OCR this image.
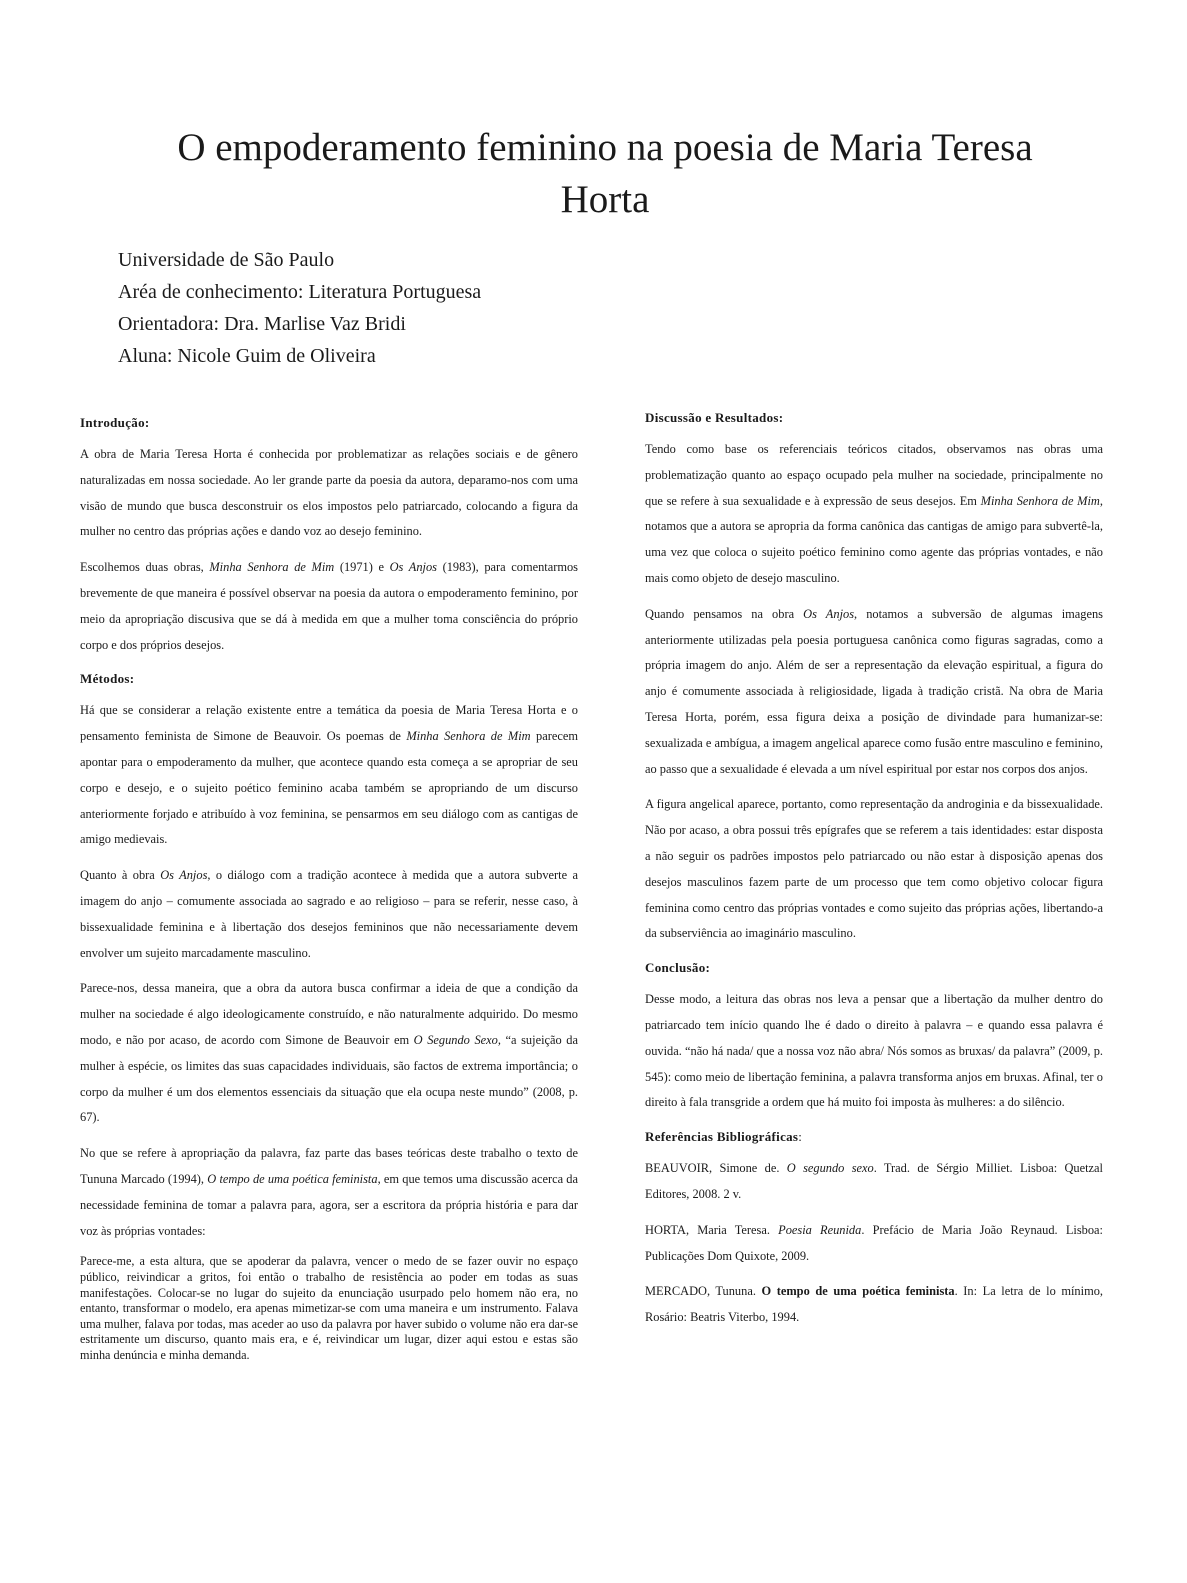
O empoderamento feminino na poesia de Maria Teresa Horta
Universidade de São Paulo
Aréa de conhecimento: Literatura Portuguesa
Orientadora: Dra. Marlise Vaz Bridi
Aluna: Nicole Guim de Oliveira
Introdução:

A obra de Maria Teresa Horta é conhecida por problematizar as relações sociais e de gênero naturalizadas em nossa sociedade. Ao ler grande parte da poesia da autora, deparamo-nos com uma visão de mundo que busca desconstruir os elos impostos pelo patriarcado, colocando a figura da mulher no centro das próprias ações e dando voz ao desejo feminino.

Escolhemos duas obras, Minha Senhora de Mim (1971) e Os Anjos (1983), para comentarmos brevemente de que maneira é possível observar na poesia da autora o empoderamento feminino, por meio da apropriação discusiva que se dá à medida em que a mulher toma consciência do próprio corpo e dos próprios desejos.

Métodos:

Há que se considerar a relação existente entre a temática da poesia de Maria Teresa Horta e o pensamento feminista de Simone de Beauvoir. Os poemas de Minha Senhora de Mim parecem apontar para o empoderamento da mulher, que acontece quando esta começa a se apropriar de seu corpo e desejo, e o sujeito poético feminino acaba também se apropriando de um discurso anteriormente forjado e atribuído à voz feminina, se pensarmos em seu diálogo com as cantigas de amigo medievais.

Quanto à obra Os Anjos, o diálogo com a tradição acontece à medida que a autora subverte a imagem do anjo – comumente associada ao sagrado e ao religioso – para se referir, nesse caso, à bissexualidade feminina e à libertação dos desejos femininos que não necessariamente devem envolver um sujeito marcadamente masculino.

Parece-nos, dessa maneira, que a obra da autora busca confirmar a ideia de que a condição da mulher na sociedade é algo ideologicamente construído, e não naturalmente adquirido. Do mesmo modo, e não por acaso, de acordo com Simone de Beauvoir em O Segundo Sexo, “a sujeição da mulher à espécie, os limites das suas capacidades individuais, são factos de extrema importância; o corpo da mulher é um dos elementos essenciais da situação que ela ocupa neste mundo” (2008, p. 67).

No que se refere à apropriação da palavra, faz parte das bases teóricas deste trabalho o texto de Tununa Marcado (1994), O tempo de uma poética feminista, em que temos uma discussão acerca da necessidade feminina de tomar a palavra para, agora, ser a escritora da própria história e para dar voz às próprias vontades:

Parece-me, a esta altura, que se apoderar da palavra, vencer o medo de se fazer ouvir no espaço público, reivindicar a gritos, foi então o trabalho de resistência ao poder em todas as suas manifestações. Colocar-se no lugar do sujeito da enunciação usurpado pelo homem não era, no entanto, transformar o modelo, era apenas mimetizar-se com uma maneira e um instrumento. Falava uma mulher, falava por todas, mas aceder ao uso da palavra por haver subido o volume não era dar-se estritamente um discurso, quanto mais era, e é, reivindicar um lugar, dizer aqui estou e estas são minha denúncia e minha demanda.

Discussão e Resultados:

Tendo como base os referenciais teóricos citados, observamos nas obras uma problematização quanto ao espaço ocupado pela mulher na sociedade, principalmente no que se refere à sua sexualidade e à expressão de seus desejos. Em Minha Senhora de Mim, notamos que a autora se apropria da forma canônica das cantigas de amigo para subvertê-la, uma vez que coloca o sujeito poético feminino como agente das próprias vontades, e não mais como objeto de desejo masculino.

Quando pensamos na obra Os Anjos, notamos a subversão de algumas imagens anteriormente utilizadas pela poesia portuguesa canônica como figuras sagradas, como a própria imagem do anjo. Além de ser a representação da elevação espiritual, a figura do anjo é comumente associada à religiosidade, ligada à tradição cristã. Na obra de Maria Teresa Horta, porém, essa figura deixa a posição de divindade para humanizar-se: sexualizada e ambígua, a imagem angelical aparece como fusão entre masculino e feminino, ao passo que a sexualidade é elevada a um nível espiritual por estar nos corpos dos anjos.

A figura angelical aparece, portanto, como representação da androginia e da bissexualidade. Não por acaso, a obra possui três epígrafes que se referem a tais identidades: estar disposta a não seguir os padrões impostos pelo patriarcado ou não estar à disposição apenas dos desejos masculinos fazem parte de um processo que tem como objetivo colocar figura feminina como centro das próprias vontades e como sujeito das próprias ações, libertando-a da subserviência ao imaginário masculino.

Conclusão:

Desse modo, a leitura das obras nos leva a pensar que a libertação da mulher dentro do patriarcado tem início quando lhe é dado o direito à palavra – e quando essa palavra é ouvida. “não há nada/ que a nossa voz não abra/ Nós somos as bruxas/ da palavra” (2009, p. 545): como meio de libertação feminina, a palavra transforma anjos em bruxas. Afinal, ter o direito à fala transgride a ordem que há muito foi imposta às mulheres: a do silêncio.

Referências Bibliográficas:

BEAUVOIR, Simone de. O segundo sexo. Trad. de Sérgio Milliet. Lisboa: Quetzal Editores, 2008. 2 v.

HORTA, Maria Teresa. Poesia Reunida. Prefácio de Maria João Reynaud. Lisboa: Publicações Dom Quixote, 2009.

MERCADO, Tununa. O tempo de uma poética feminista. In: La letra de lo mínimo, Rosário: Beatris Viterbo, 1994.
